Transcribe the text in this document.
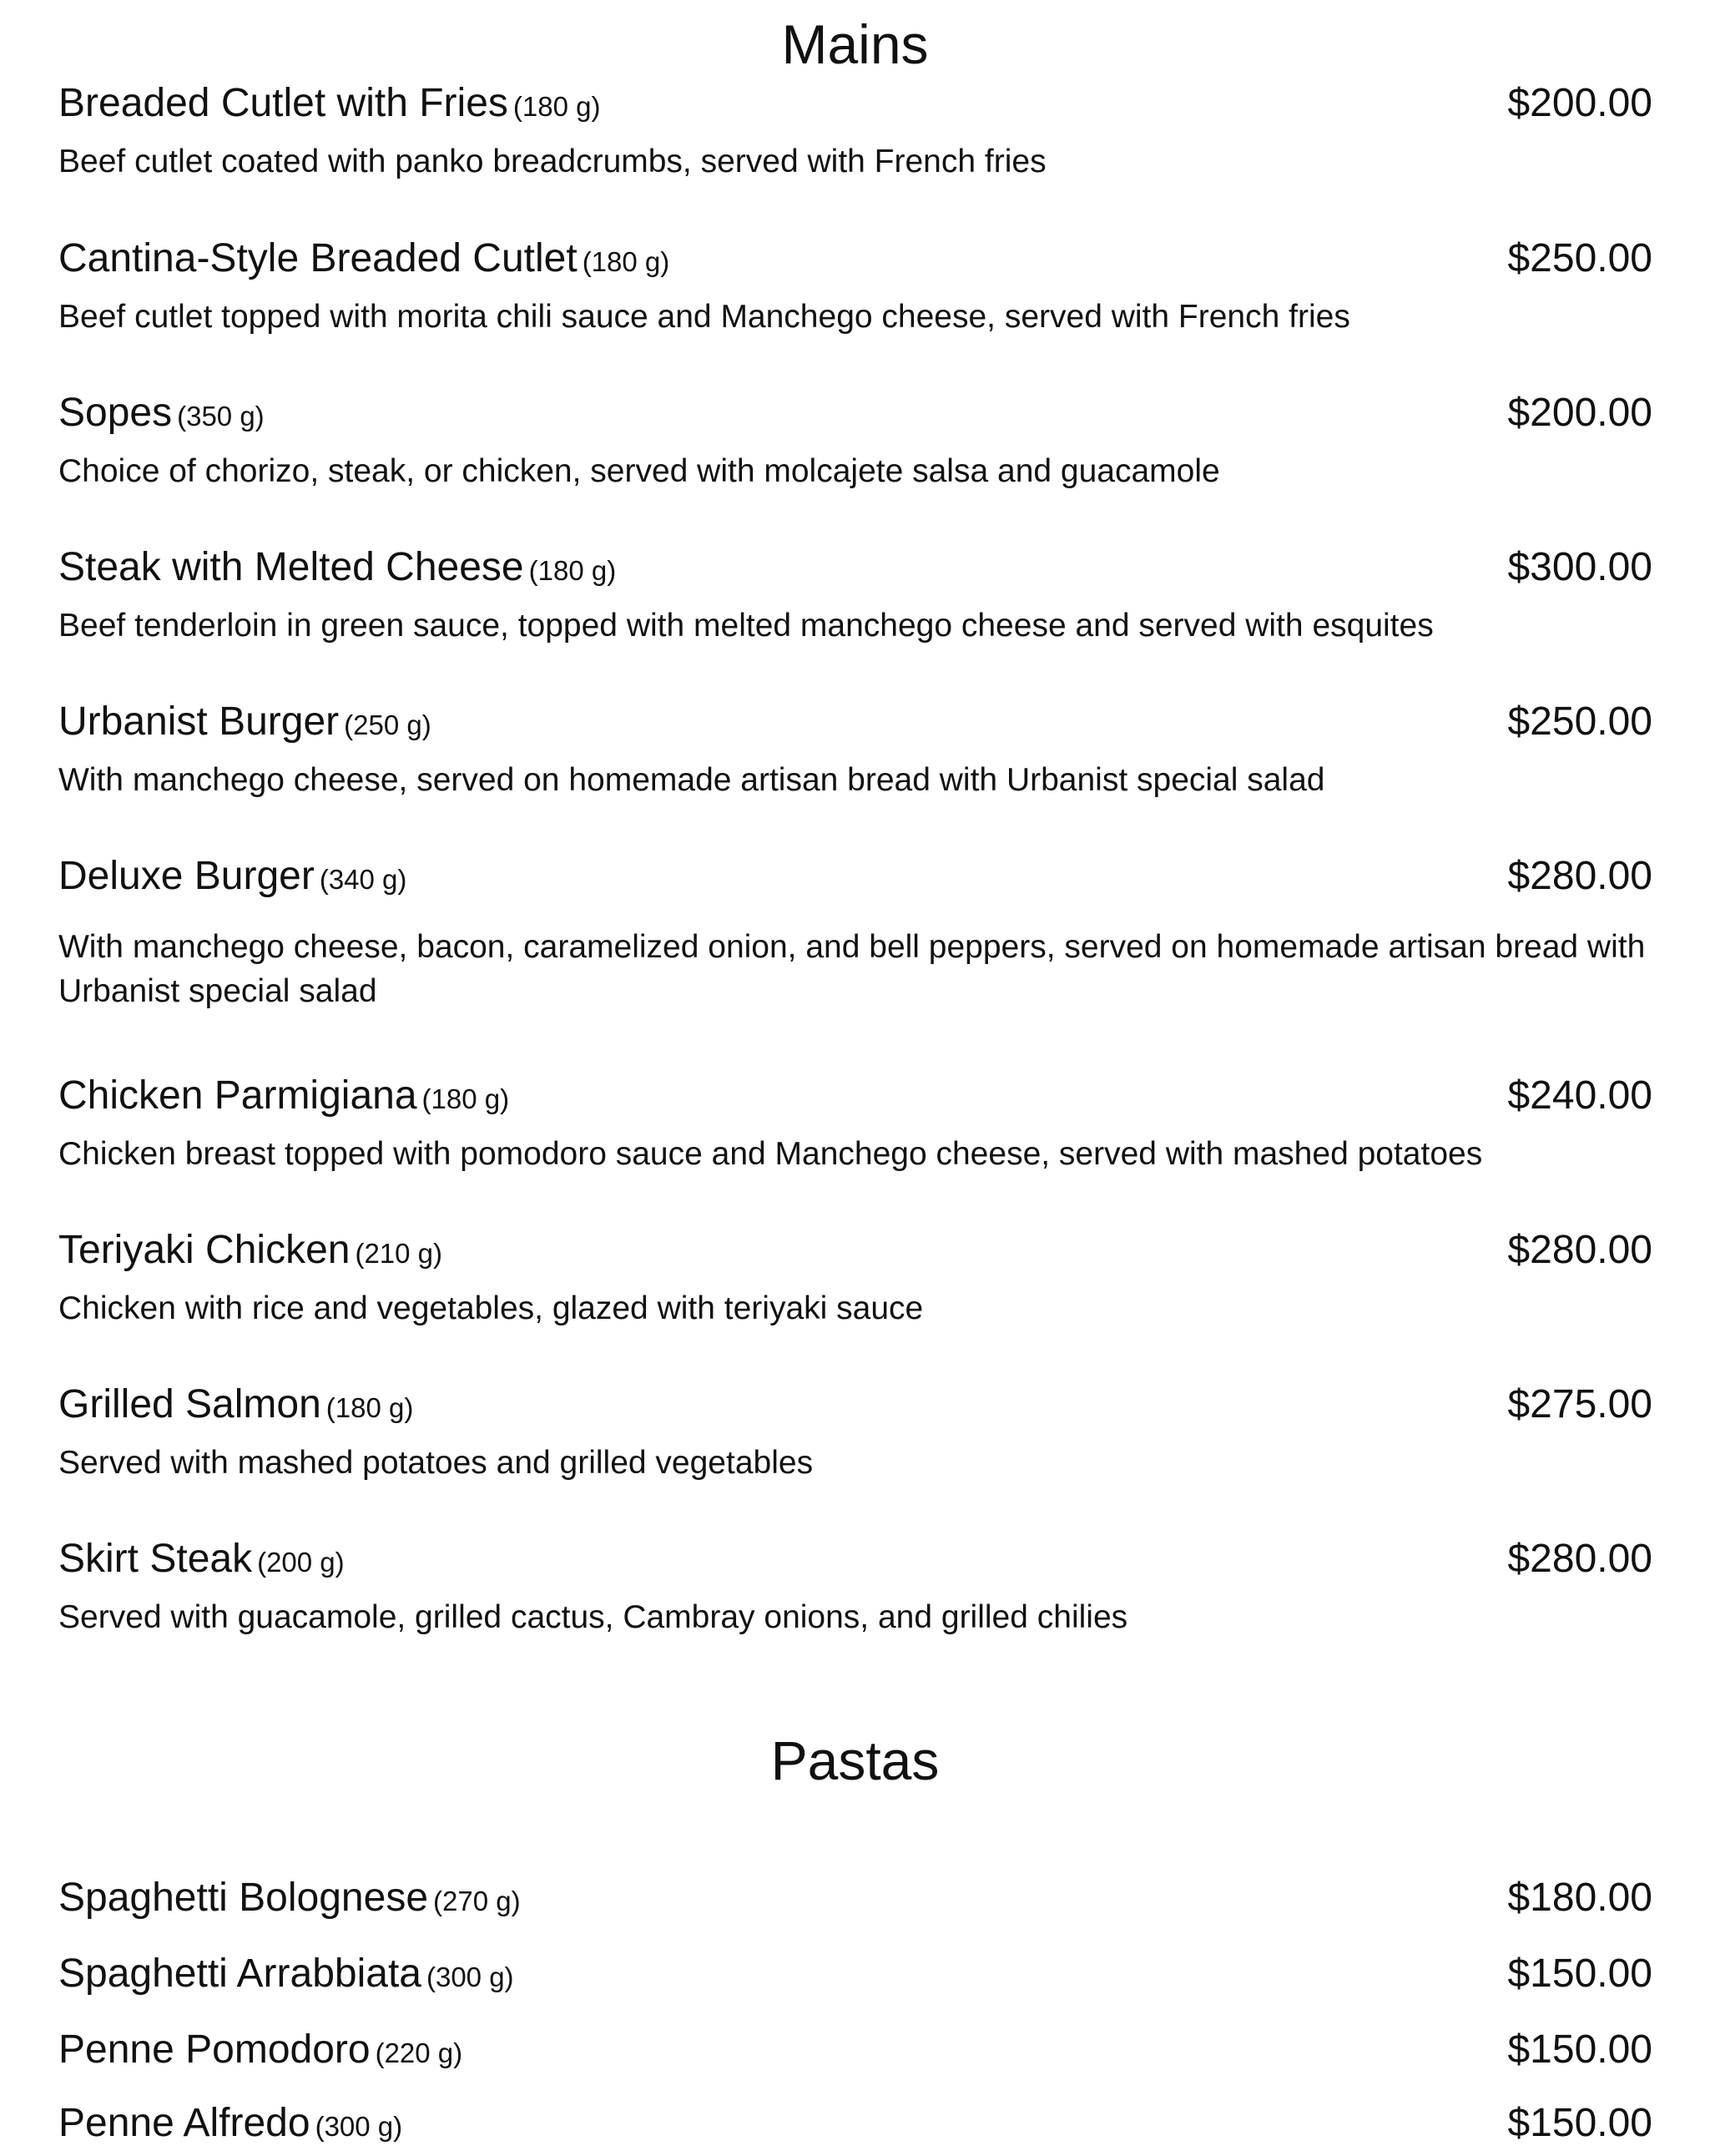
Mains
Breaded Cutlet with Fries (180 g)	$200.00
Beef cutlet coated with panko breadcrumbs, served with French fries
Cantina-Style Breaded Cutlet (180 g)	$250.00
Beef cutlet topped with morita chili sauce and Manchego cheese, served with French fries
Sopes (350 g)	$200.00
Choice of chorizo, steak, or chicken, served with molcajete salsa and guacamole
Steak with Melted Cheese (180 g)	$300.00
Beef tenderloin in green sauce, topped with melted manchego cheese and served with esquites
Urbanist Burger (250 g)	$250.00
With manchego cheese, served on homemade artisan bread with Urbanist special salad
Deluxe Burger (340 g)	$280.00
With manchego cheese, bacon, caramelized onion, and bell peppers, served on homemade artisan bread with Urbanist special salad
Chicken Parmigiana (180 g)	$240.00
Chicken breast topped with pomodoro sauce and Manchego cheese, served with mashed potatoes
Teriyaki Chicken (210 g)	$280.00
Chicken with rice and vegetables, glazed with teriyaki sauce
Grilled Salmon (180 g)	$275.00
Served with mashed potatoes and grilled vegetables
Skirt Steak (200 g)	$280.00
Served with guacamole, grilled cactus, Cambray onions, and grilled chilies
Pastas
Spaghetti Bolognese (270 g)	$180.00
Spaghetti Arrabbiata (300 g)	$150.00
Penne Pomodoro (220 g)	$150.00
Penne Alfredo (300 g)	$150.00
